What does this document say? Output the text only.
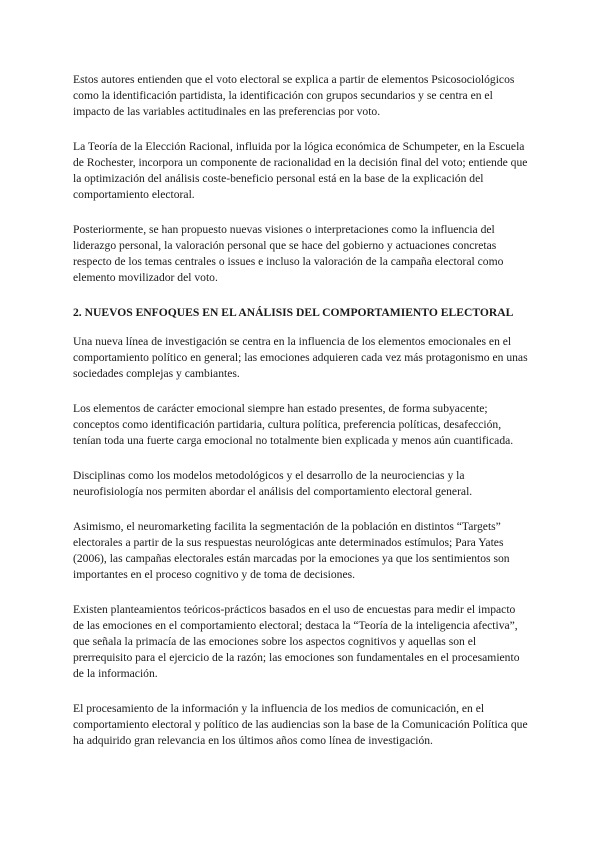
Estos autores entienden que el voto electoral se explica a partir de elementos Psicosociológicos como la identificación partidista, la identificación con grupos secundarios y se centra en el impacto de las variables actitudinales en las preferencias por voto.

La Teoría de la Elección Racional, influida por la lógica económica de Schumpeter, en la Escuela de Rochester, incorpora un componente de racionalidad en la decisión final del voto; entiende que la optimización del análisis coste-beneficio personal está en la base de la explicación del comportamiento electoral.

Posteriormente, se han propuesto nuevas visiones o interpretaciones como la influencia del liderazgo personal, la valoración personal que se hace del gobierno y actuaciones concretas respecto de los temas centrales o issues e incluso la valoración de la campaña electoral como elemento movilizador del voto.

2. NUEVOS ENFOQUES EN EL ANÁLISIS DEL COMPORTAMIENTO ELECTORAL

Una nueva línea de investigación se centra en la influencia de los elementos emocionales en el comportamiento político en general; las emociones adquieren cada vez más protagonismo en unas sociedades complejas y cambiantes.

Los elementos de carácter emocional siempre han estado presentes, de forma subyacente; conceptos como identificación partidaria, cultura política, preferencia políticas, desafección, tenían toda una fuerte carga emocional no totalmente bien explicada y menos aún cuantificada.

Disciplinas como los modelos metodológicos y el desarrollo de la neurociencias y la neurofisiología nos permiten abordar el análisis del comportamiento electoral general.

Asimismo, el neuromarketing facilita la segmentación de la población en distintos “Targets” electorales a partir de la sus respuestas neurológicas ante determinados estímulos; Para Yates (2006), las campañas electorales están marcadas por la emociones ya que los sentimientos son importantes en el proceso cognitivo y de toma de decisiones.

Existen planteamientos teóricos-prácticos basados en el uso de encuestas para medir el impacto de las emociones en el comportamiento electoral; destaca la “Teoría de la inteligencia afectiva”, que señala la primacía de las emociones sobre los aspectos cognitivos y aquellas son el prerrequisito para el ejercicio de la razón; las emociones son fundamentales en el procesamiento de la información.

El procesamiento de la información y la influencia de los medios de comunicación, en el comportamiento electoral y político de las audiencias son la base de la Comunicación Política que ha adquirido gran relevancia en los últimos años como línea de investigación.
